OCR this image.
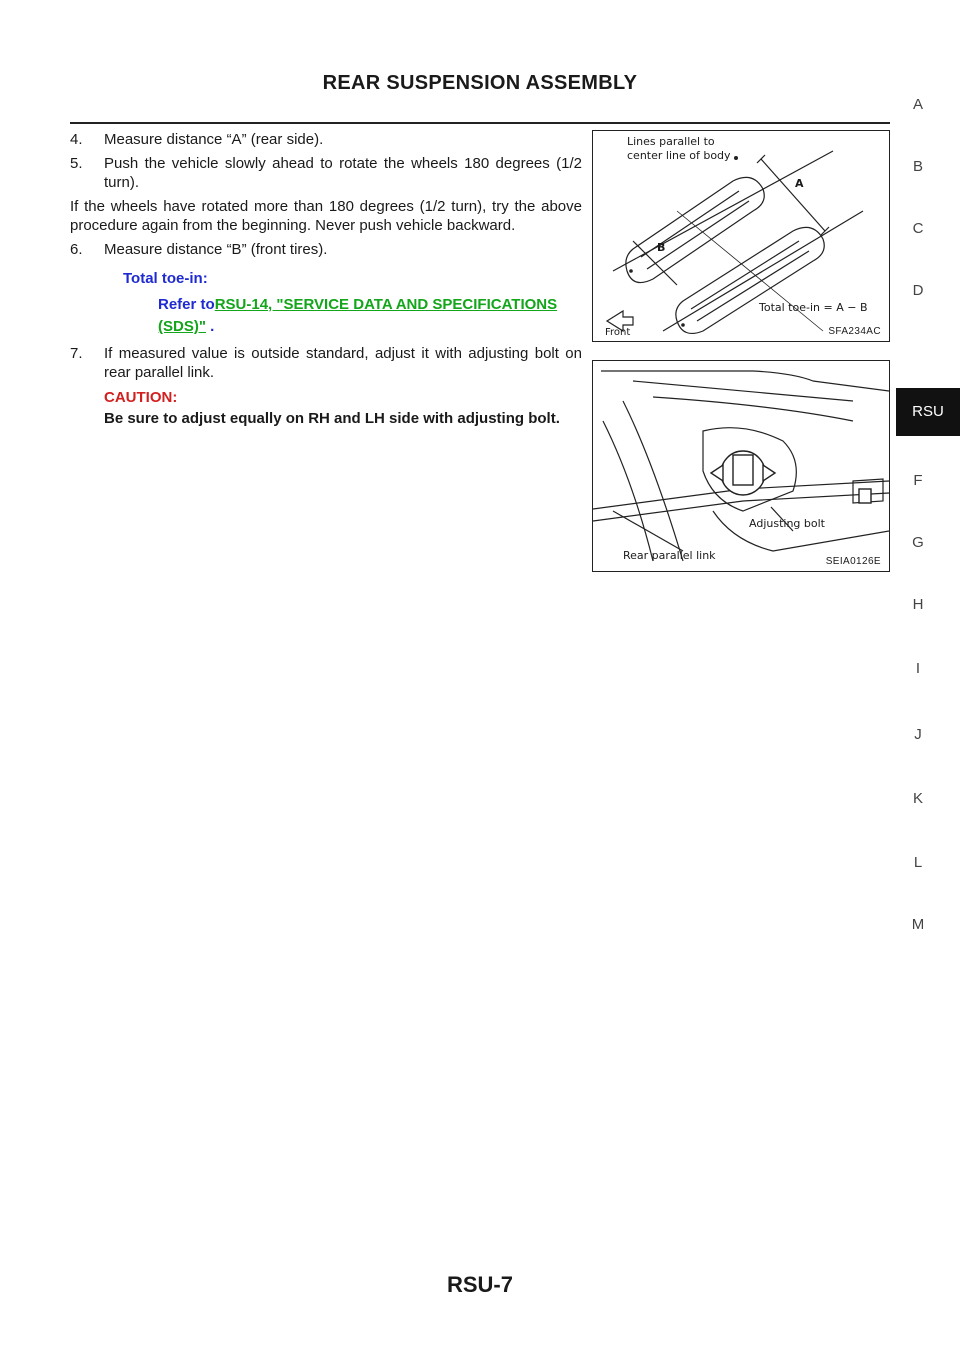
REAR SUSPENSION ASSEMBLY

4. Measure distance “A” (rear side).

5. Push the vehicle slowly ahead to rotate the wheels 180 degrees (1/2 turn).

If the wheels have rotated more than 180 degrees (1/2 turn), try the above procedure again from the beginning. Never push vehicle backward.

6. Measure distance “B” (front tires).

Total toe-in:
Refer toRSU-14, "SERVICE DATA AND SPECIFICATIONS (SDS)" .

7. If measured value is outside standard, adjust it with adjusting bolt on rear parallel link.

CAUTION:
Be sure to adjust equally on RH and LH side with adjusting bolt.
Lines parallel to
center line of body
A
B
Total toe-in = A − B
Front	SFA234AC
Adjusting bolt
Rear parallel link	SEIA0126E
A
B
C
D
RSU
F
G
H
I
J
K
L
M
RSU-7
